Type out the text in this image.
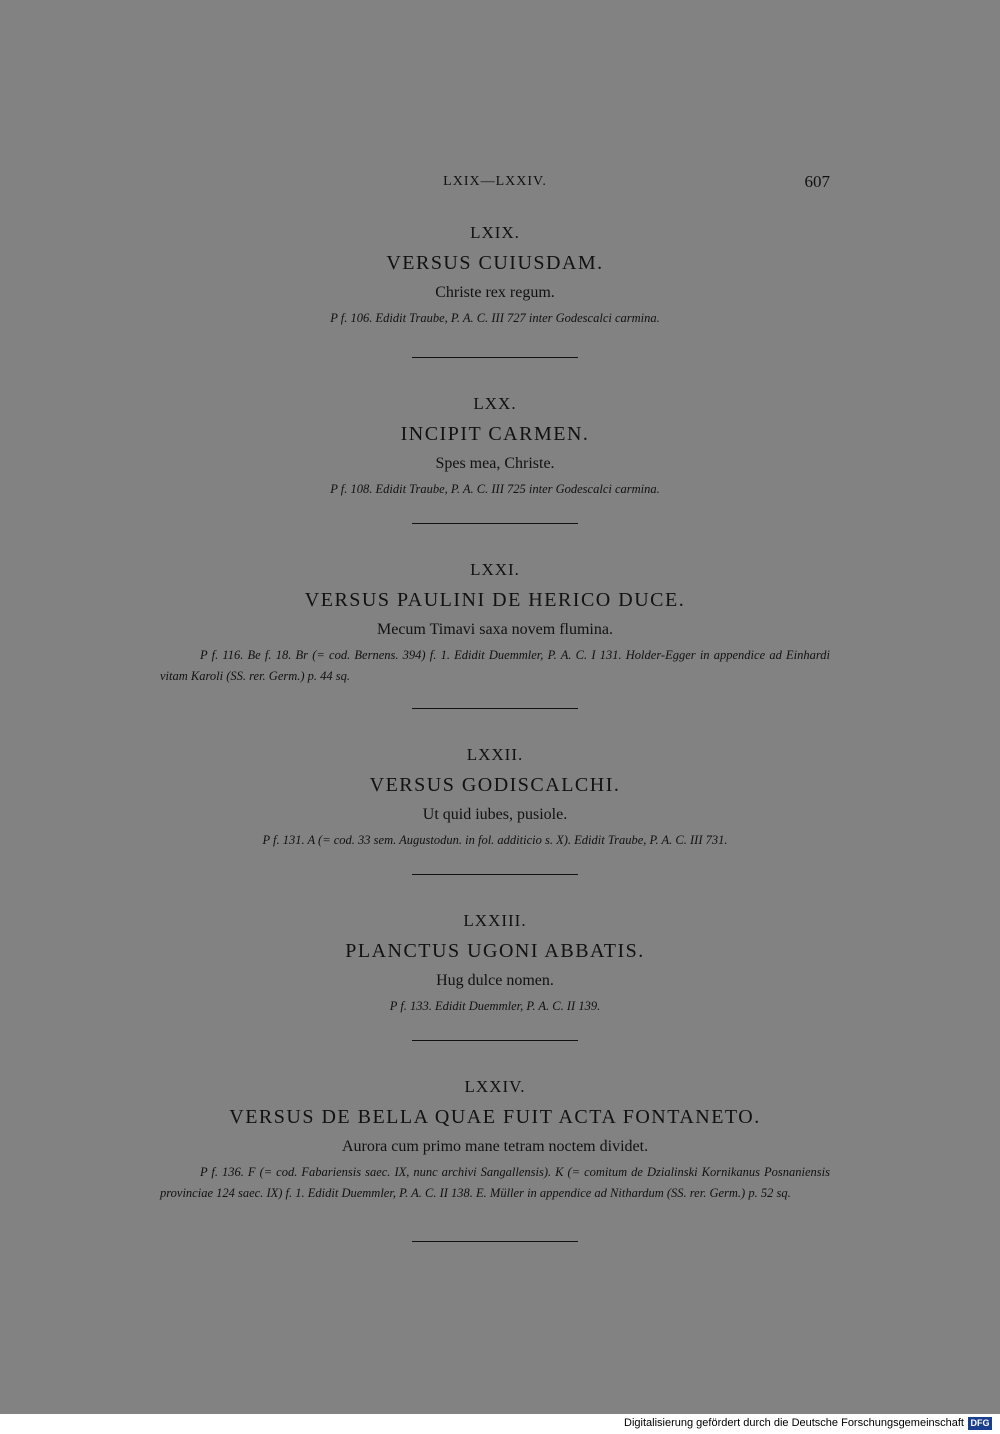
LXIX—LXXIV.	607
LXIX.
VERSUS CUIUSDAM.
Christe rex regum.
P f. 106. Edidit Traube, P. A. C. III 727 inter Godescalci carmina.
LXX.
INCIPIT CARMEN.
Spes mea, Christe.
P f. 108. Edidit Traube, P. A. C. III 725 inter Godescalci carmina.
LXXI.
VERSUS PAULINI DE HERICO DUCE.
Mecum Timavi saxa novem flumina.
P f. 116. Be f. 18. Br (= cod. Bernens. 394) f. 1. Edidit Duemmler, P. A. C. I 131. Holder-Egger in appendice ad Einhardi vitam Karoli (SS. rer. Germ.) p. 44 sq.
LXXII.
VERSUS GODISCALCHI.
Ut quid iubes, pusiole.
P f. 131. A (= cod. 33 sem. Augustodun. in fol. additicio s. X). Edidit Traube, P. A. C. III 731.
LXXIII.
PLANCTUS UGONI ABBATIS.
Hug dulce nomen.
P f. 133. Edidit Duemmler, P. A. C. II 139.
LXXIV.
VERSUS DE BELLA QUAE FUIT ACTA FONTANETO.
Aurora cum primo mane tetram noctem dividet.
P f. 136. F (= cod. Fabariensis saec. IX, nunc archivi Sangallensis). K (= comitum de Dzialinski Kornikanus Posnaniensis provinciae 124 saec. IX) f. 1. Edidit Duemmler, P. A. C. II 138. E. Müller in appendice ad Nithardum (SS. rer. Germ.) p. 52 sq.
Digitalisierung gefördert durch die Deutsche Forschungsgemeinschaft DFG
